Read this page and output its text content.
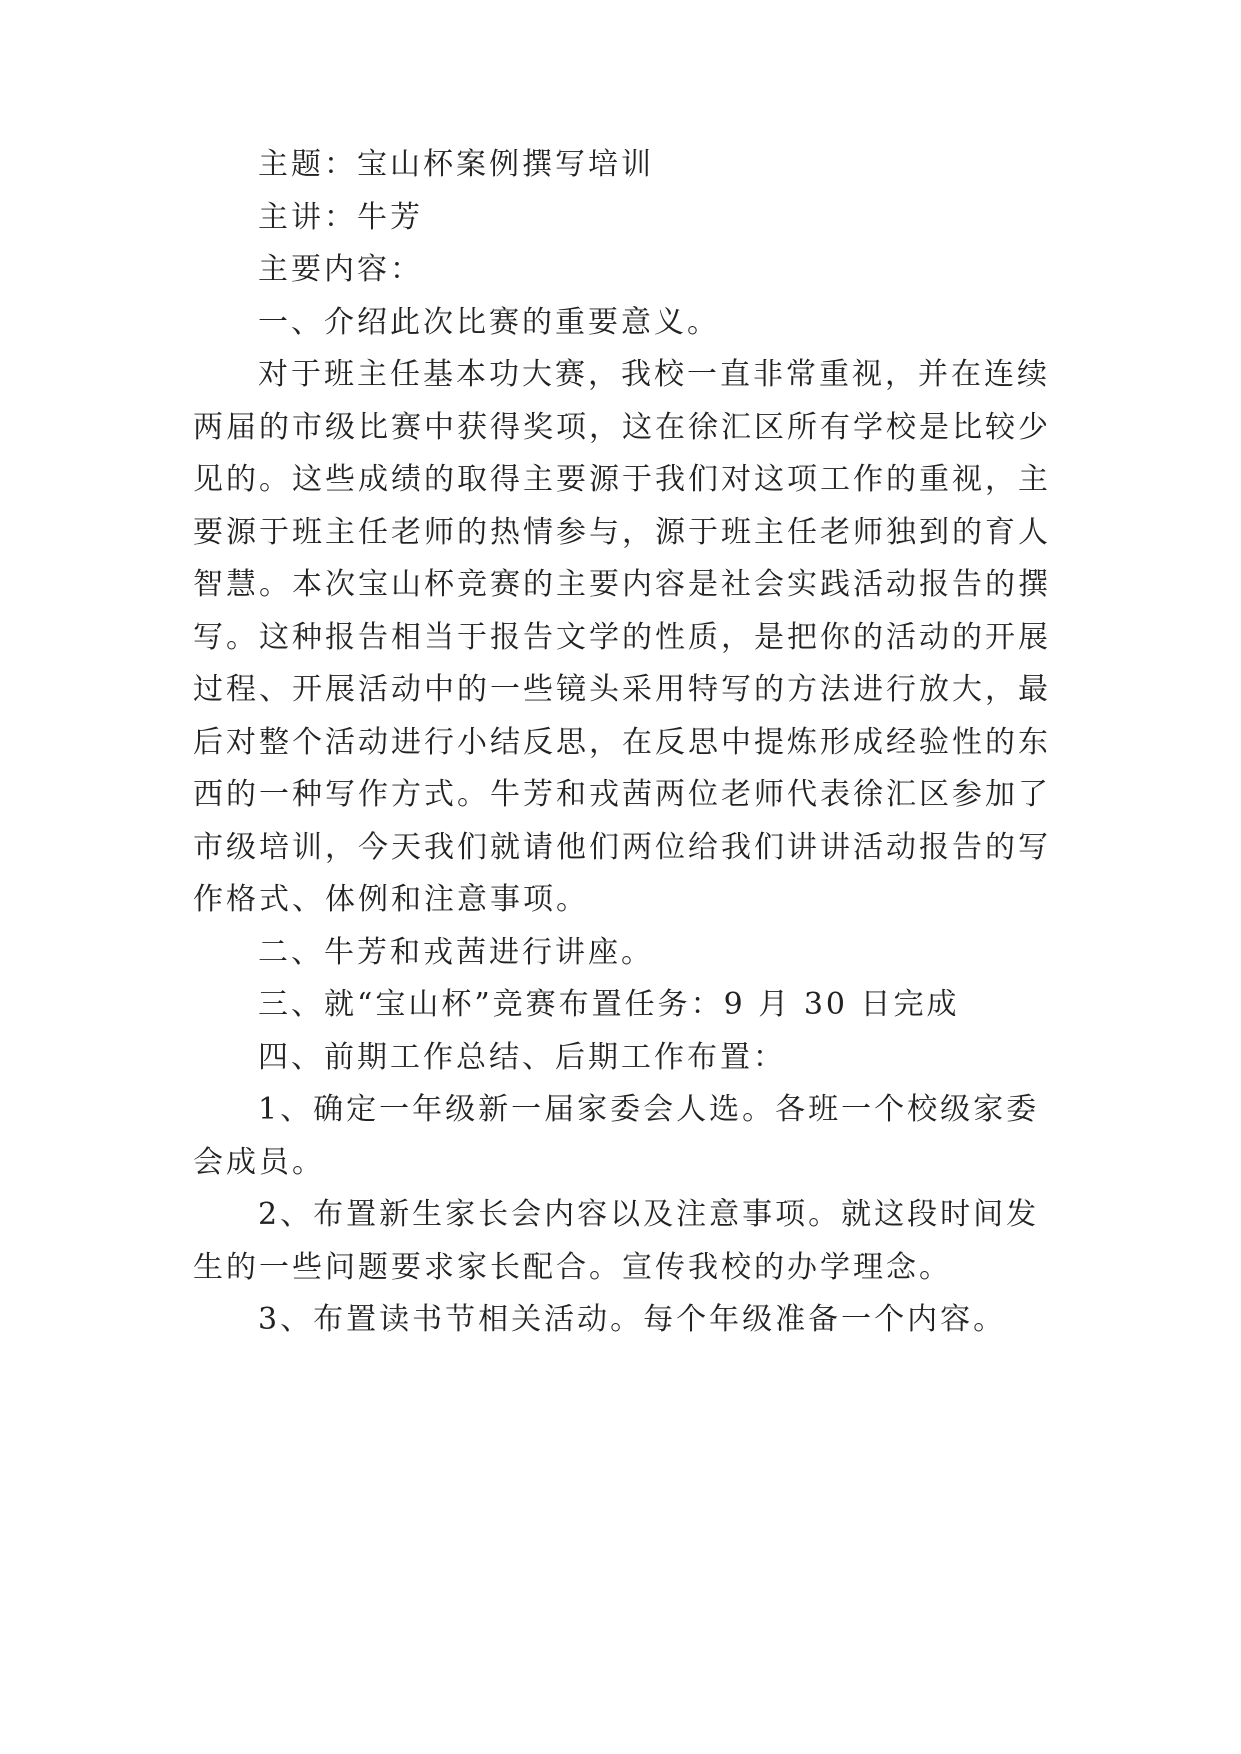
主题：宝山杯案例撰写培训
主讲：牛芳
主要内容：
一、介绍此次比赛的重要意义。
对于班主任基本功大赛，我校一直非常重视，并在连续
两届的市级比赛中获得奖项，这在徐汇区所有学校是比较少
见的。这些成绩的取得主要源于我们对这项工作的重视，主
要源于班主任老师的热情参与，源于班主任老师独到的育人
智慧。本次宝山杯竞赛的主要内容是社会实践活动报告的撰
写。这种报告相当于报告文学的性质，是把你的活动的开展
过程、开展活动中的一些镜头采用特写的方法进行放大，最
后对整个活动进行小结反思，在反思中提炼形成经验性的东
西的一种写作方式。牛芳和戎茜两位老师代表徐汇区参加了
市级培训，今天我们就请他们两位给我们讲讲活动报告的写
作格式、体例和注意事项。
二、牛芳和戎茜进行讲座。
三、就“宝山杯”竞赛布置任务：9 月 30 日完成
四、前期工作总结、后期工作布置：
1、确定一年级新一届家委会人选。各班一个校级家委
会成员。
2、布置新生家长会内容以及注意事项。就这段时间发
生的一些问题要求家长配合。宣传我校的办学理念。
3、布置读书节相关活动。每个年级准备一个内容。
